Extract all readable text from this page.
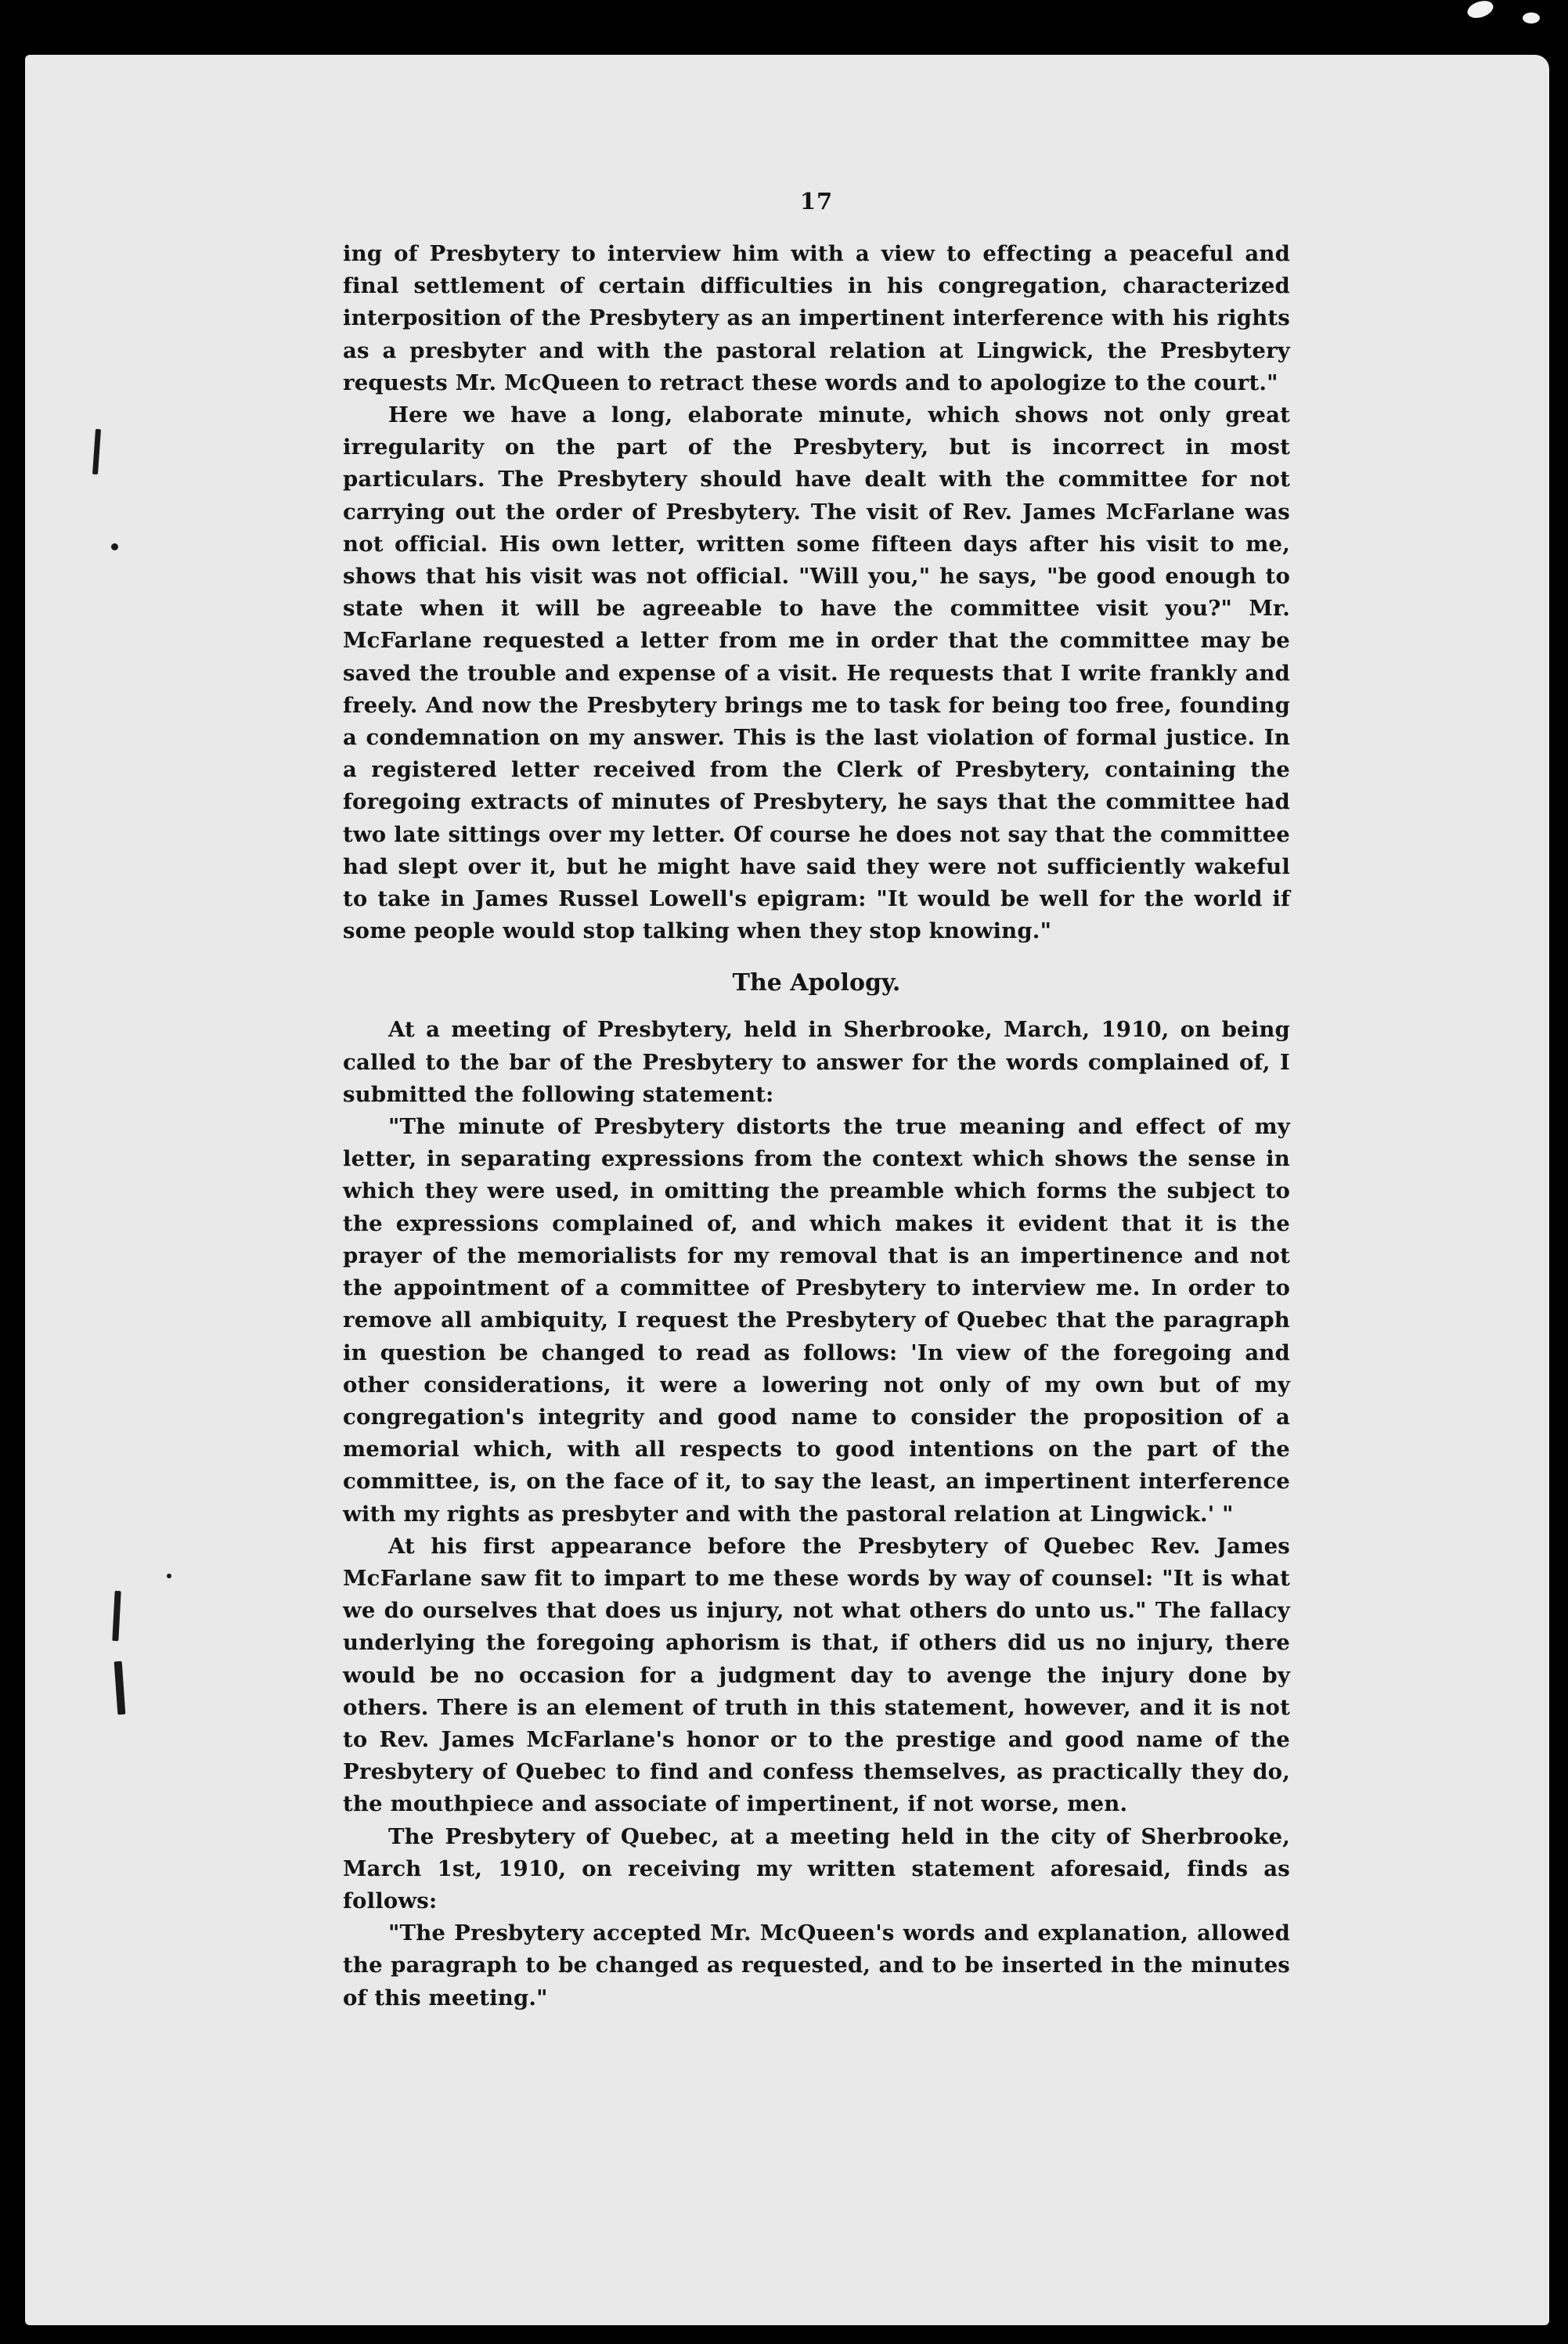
17

ing of Presbytery to interview him with a view to effecting a peaceful and final settlement of certain difficulties in his congregation, characterized interposition of the Presbytery as an impertinent interference with his rights as a presbyter and with the pastoral relation at Lingwick, the Presbytery requests Mr. McQueen to retract these words and to apologize to the court."

Here we have a long, elaborate minute, which shows not only great irregularity on the part of the Presbytery, but is incorrect in most particulars. The Presbytery should have dealt with the committee for not carrying out the order of Presbytery. The visit of Rev. James McFarlane was not official. His own letter, written some fifteen days after his visit to me, shows that his visit was not official. "Will you," he says, "be good enough to state when it will be agreeable to have the committee visit you?" Mr. McFarlane requested a letter from me in order that the committee may be saved the trouble and expense of a visit. He requests that I write frankly and freely. And now the Presbytery brings me to task for being too free, founding a condemnation on my answer. This is the last violation of formal justice. In a registered letter received from the Clerk of Presbytery, containing the foregoing extracts of minutes of Presbytery, he says that the committee had two late sittings over my letter. Of course he does not say that the committee had slept over it, but he might have said they were not sufficiently wakeful to take in James Russel Lowell's epigram: "It would be well for the world if some people would stop talking when they stop knowing."

The Apology.

At a meeting of Presbytery, held in Sherbrooke, March, 1910, on being called to the bar of the Presbytery to answer for the words complained of, I submitted the following statement:

"The minute of Presbytery distorts the true meaning and effect of my letter, in separating expressions from the context which shows the sense in which they were used, in omitting the preamble which forms the subject to the expressions complained of, and which makes it evident that it is the prayer of the memorialists for my removal that is an impertinence and not the appointment of a committee of Presbytery to interview me. In order to remove all ambiquity, I request the Presbytery of Quebec that the paragraph in question be changed to read as follows: 'In view of the foregoing and other considerations, it were a lowering not only of my own but of my congregation's integrity and good name to consider the proposition of a memorial which, with all respects to good intentions on the part of the committee, is, on the face of it, to say the least, an impertinent interference with my rights as presbyter and with the pastoral relation at Lingwick.' "

At his first appearance before the Presbytery of Quebec Rev. James McFarlane saw fit to impart to me these words by way of counsel: "It is what we do ourselves that does us injury, not what others do unto us." The fallacy underlying the foregoing aphorism is that, if others did us no injury, there would be no occasion for a judgment day to avenge the injury done by others. There is an element of truth in this statement, however, and it is not to Rev. James McFarlane's honor or to the prestige and good name of the Presbytery of Quebec to find and confess themselves, as practically they do, the mouthpiece and associate of impertinent, if not worse, men.

The Presbytery of Quebec, at a meeting held in the city of Sherbrooke, March 1st, 1910, on receiving my written statement aforesaid, finds as follows:

"The Presbytery accepted Mr. McQueen's words and explanation, allowed the paragraph to be changed as requested, and to be inserted in the minutes of this meeting."
